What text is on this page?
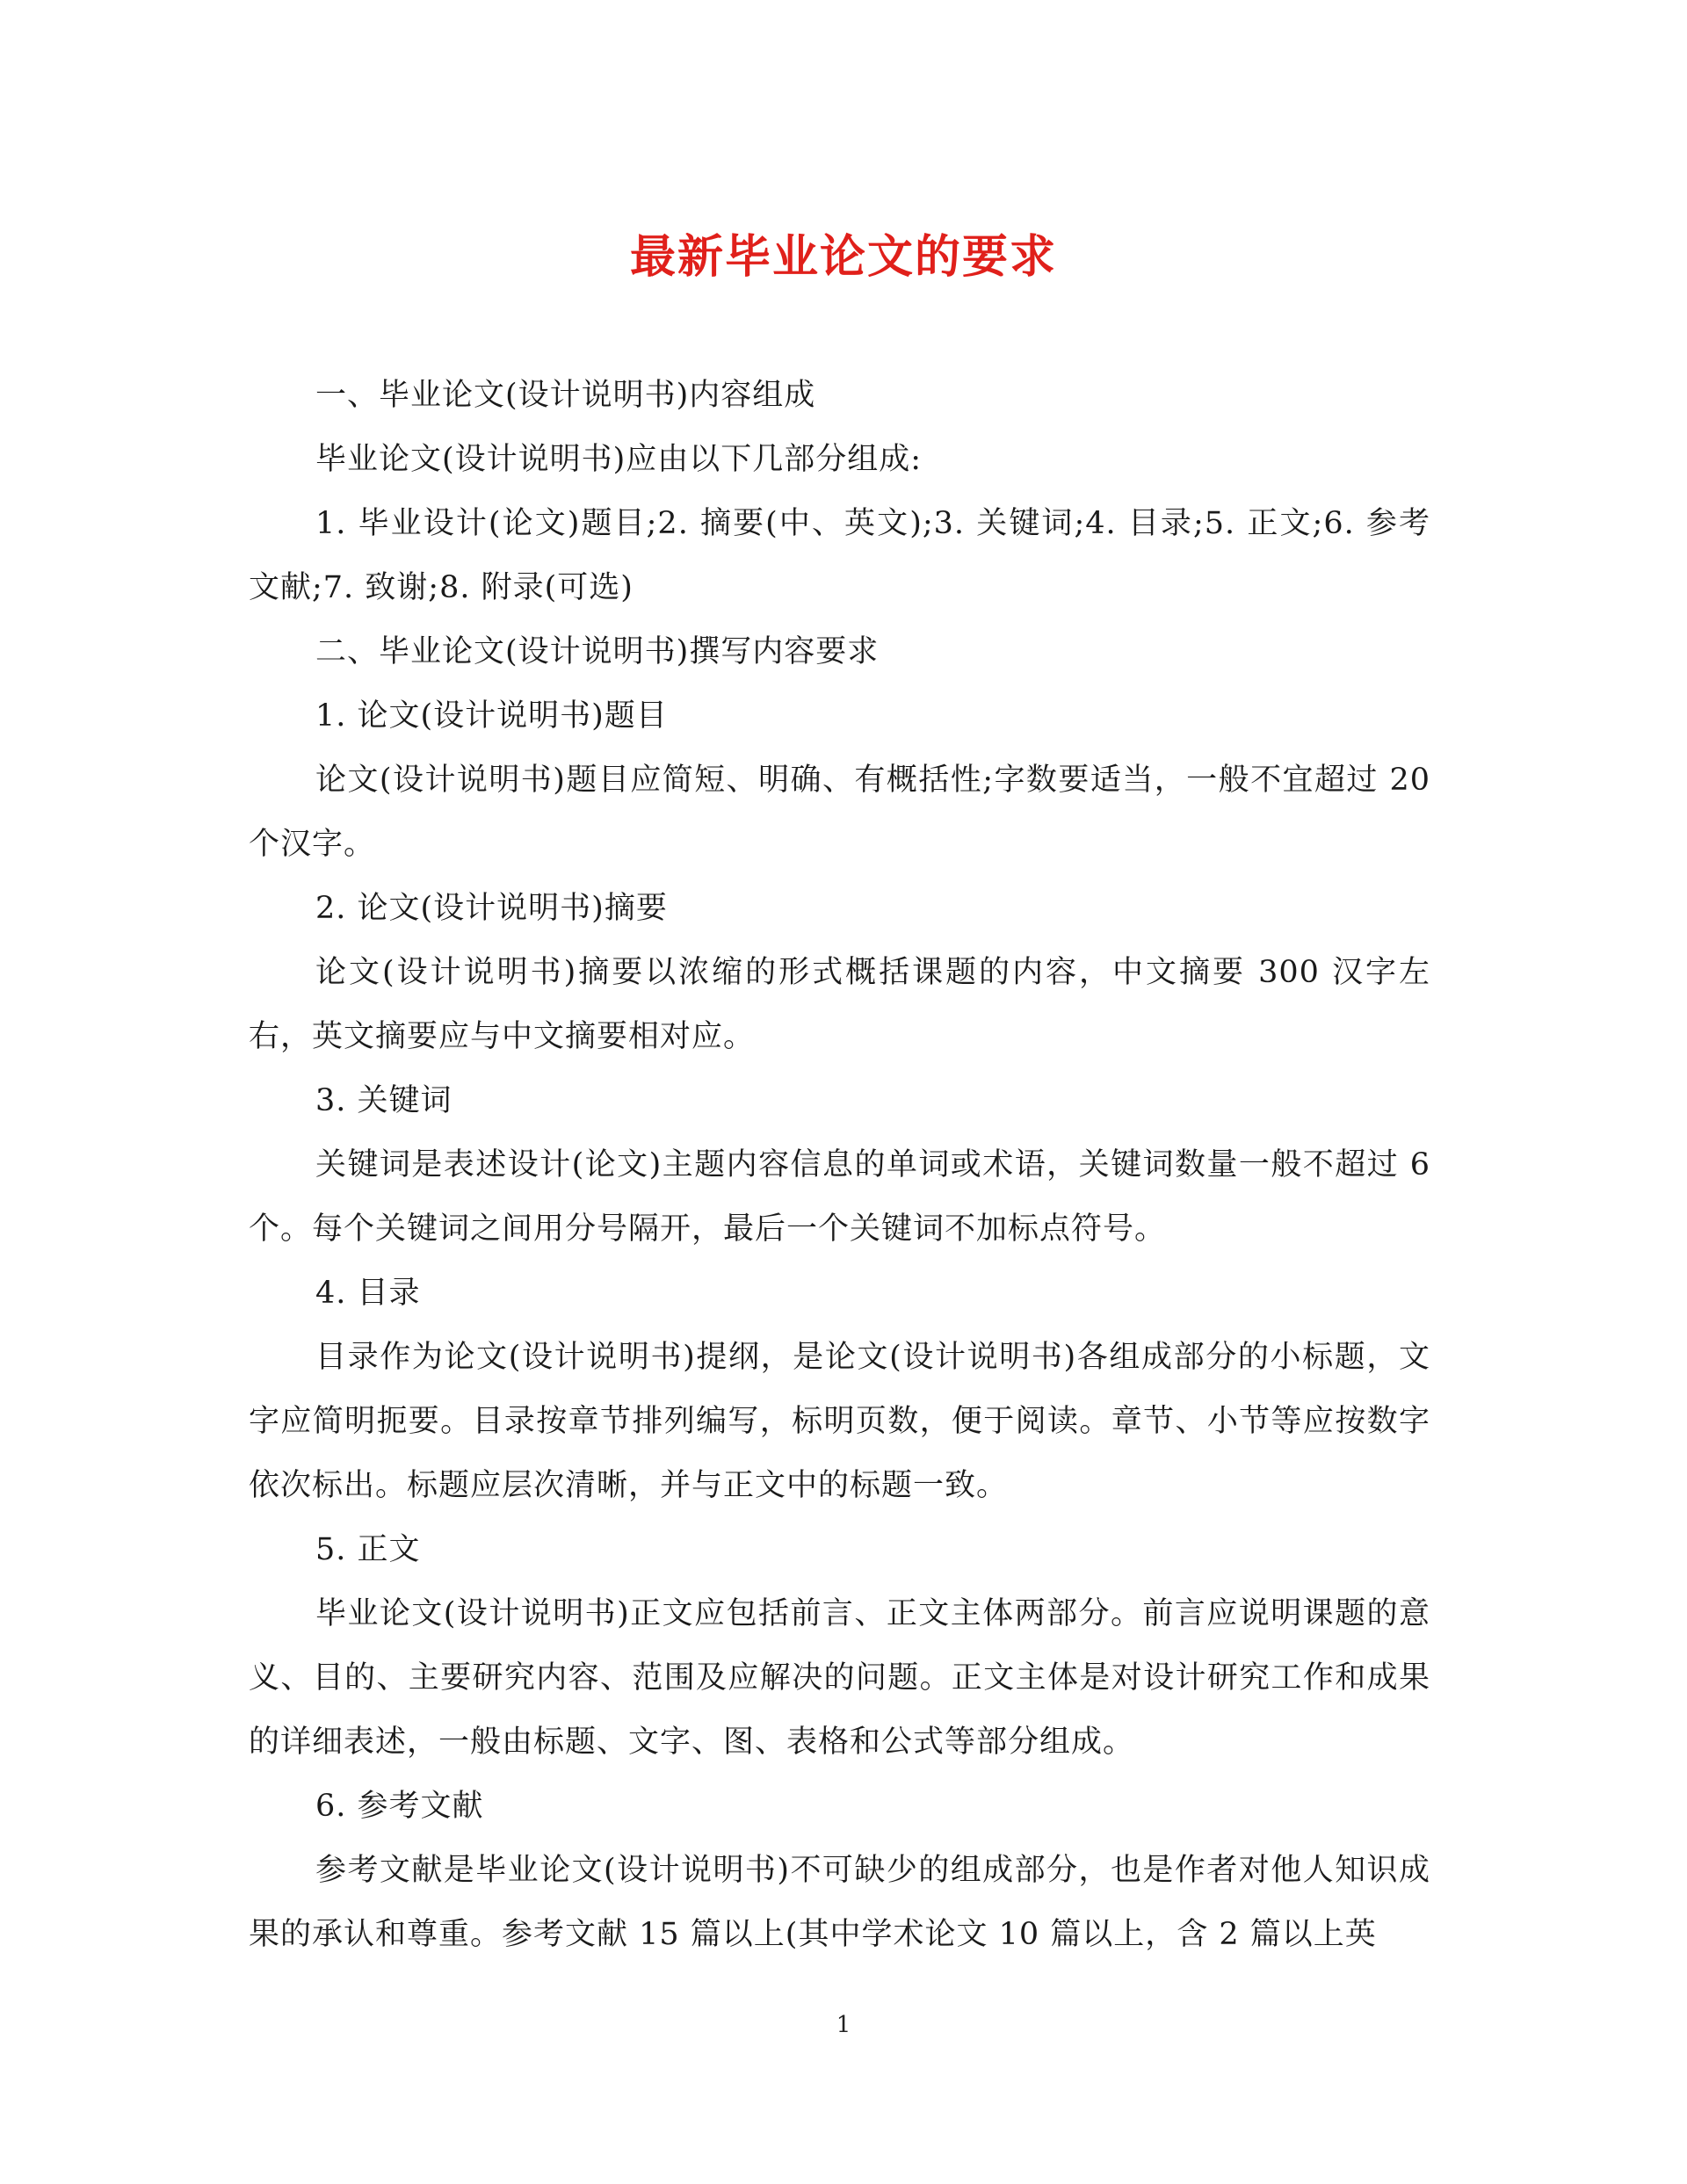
最新毕业论文的要求

一、毕业论文(设计说明书)内容组成

毕业论文(设计说明书)应由以下几部分组成:

1. 毕业设计(论文)题目;2. 摘要(中、英文);3. 关键词;4. 目录;5. 正文;6. 参考文献;7. 致谢;8. 附录(可选)

二、毕业论文(设计说明书)撰写内容要求

1. 论文(设计说明书)题目

论文(设计说明书)题目应简短、明确、有概括性;字数要适当，一般不宜超过 20 个汉字。

2. 论文(设计说明书)摘要

论文(设计说明书)摘要以浓缩的形式概括课题的内容，中文摘要 300 汉字左右，英文摘要应与中文摘要相对应。

3. 关键词

关键词是表述设计(论文)主题内容信息的单词或术语，关键词数量一般不超过 6 个。每个关键词之间用分号隔开，最后一个关键词不加标点符号。

4. 目录

目录作为论文(设计说明书)提纲，是论文(设计说明书)各组成部分的小标题，文字应简明扼要。目录按章节排列编写，标明页数，便于阅读。章节、小节等应按数字依次标出。标题应层次清晰，并与正文中的标题一致。

5. 正文

毕业论文(设计说明书)正文应包括前言、正文主体两部分。前言应说明课题的意义、目的、主要研究内容、范围及应解决的问题。正文主体是对设计研究工作和成果的详细表述，一般由标题、文字、图、表格和公式等部分组成。

6. 参考文献

参考文献是毕业论文(设计说明书)不可缺少的组成部分，也是作者对他人知识成果的承认和尊重。参考文献 15 篇以上(其中学术论文 10 篇以上，含 2 篇以上英

1
